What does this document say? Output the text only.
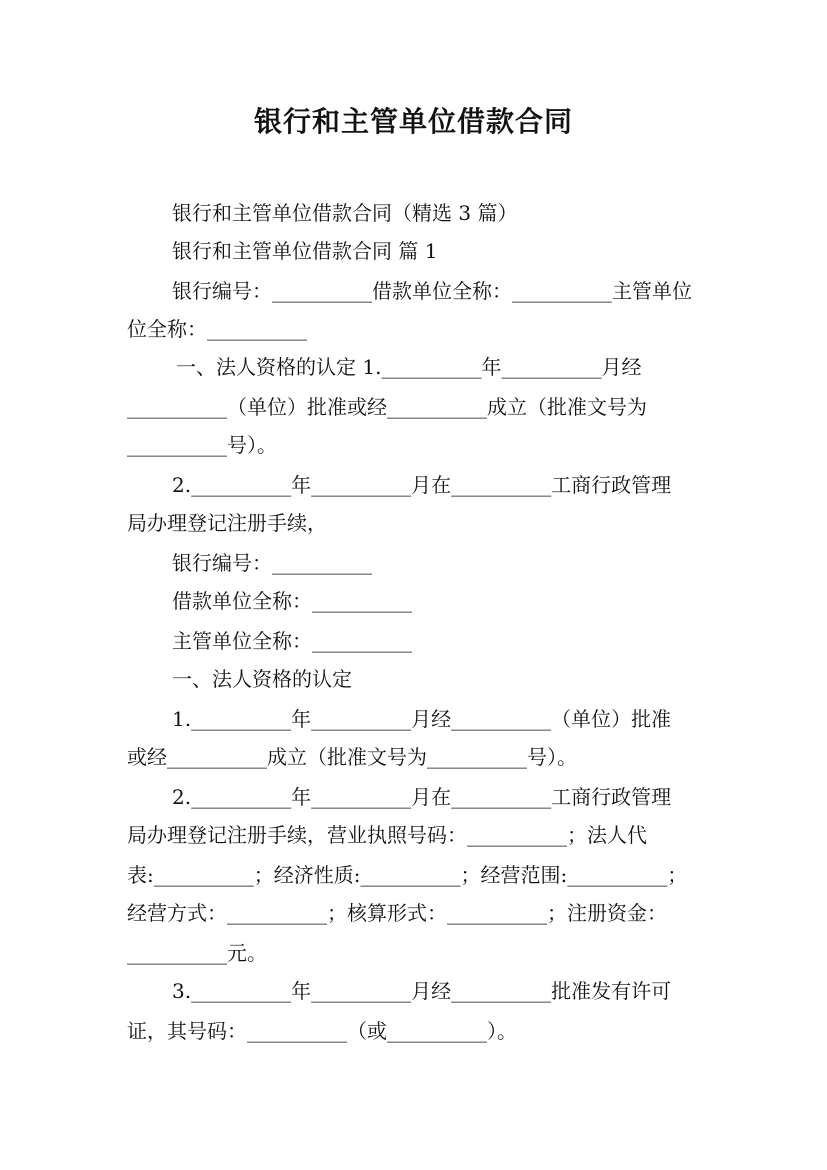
银行和主管单位借款合同
银行和主管单位借款合同（精选 3 篇）
银行和主管单位借款合同 篇 1
银行编号：__________借款单位全称：__________主管单位
位全称：__________
一、法人资格的认定 1.__________年__________月经
__________（单位）批准或经__________成立（批准文号为
__________号）。
2.__________年__________月在__________工商行政管理
局办理登记注册手续，
银行编号：__________
借款单位全称：__________
主管单位全称：__________
一、法人资格的认定
1.__________年__________月经__________（单位）批准
或经__________成立（批准文号为__________号）。
2.__________年__________月在__________工商行政管理
局办理登记注册手续，营业执照号码：__________；法人代
表:__________；经济性质:__________；经营范围:__________；
经营方式：__________；核算形式：__________；注册资金：
__________元。
3.__________年__________月经__________批准发有许可
证，其号码：__________（或__________）。
